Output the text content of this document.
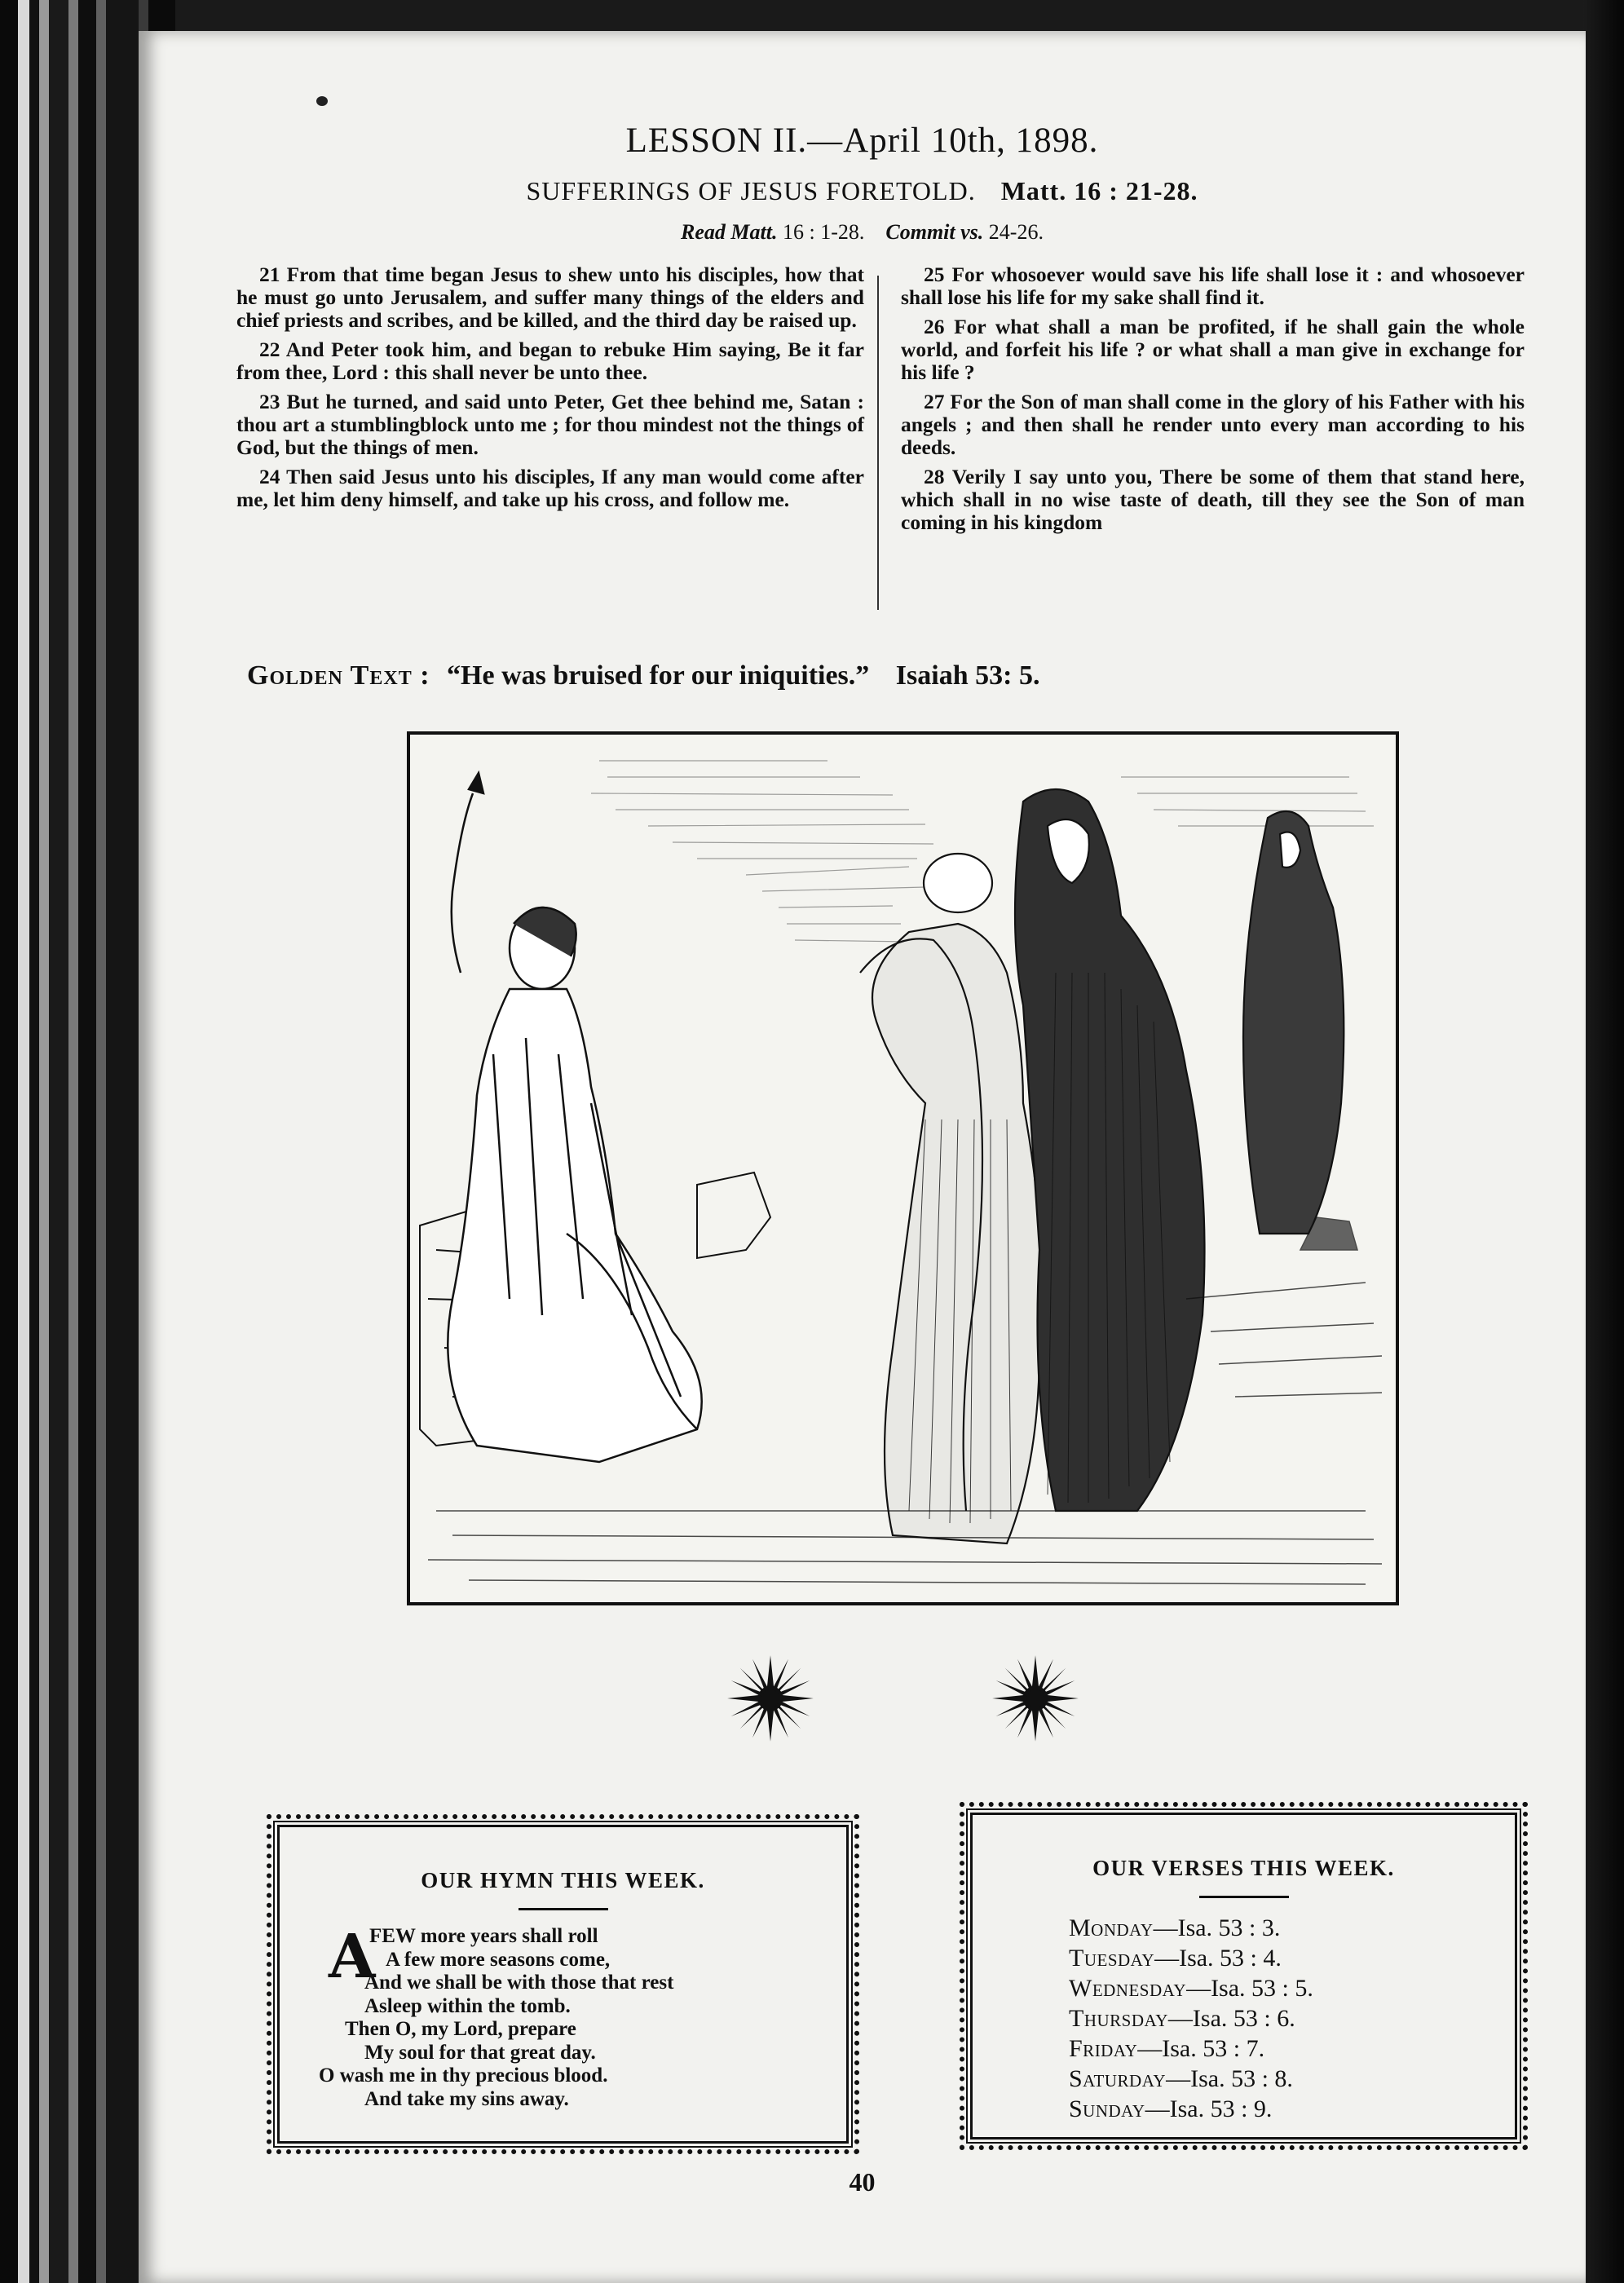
LESSON II.—April 10th, 1898.
SUFFERINGS OF JESUS FORETOLD. Matt. 16 : 21-28.
Read Matt. 16 : 1-28. Commit vs. 24-26.

21 From that time began Jesus to shew unto his disciples, how that he must go unto Jerusalem, and suffer many things of the elders and chief priests and scribes, and be killed, and the third day be raised up.

22 And Peter took him, and began to rebuke Him saying, Be it far from thee, Lord : this shall never be unto thee.

23 But he turned, and said unto Peter, Get thee behind me, Satan : thou art a stumblingblock unto me ; for thou mindest not the things of God, but the things of men.

24 Then said Jesus unto his disciples, If any man would come after me, let him deny himself, and take up his cross, and follow me.

25 For whosoever would save his life shall lose it : and whosoever shall lose his life for my sake shall find it.

26 For what shall a man be profited, if he shall gain the whole world, and forfeit his life ? or what shall a man give in exchange for his life ?

27 For the Son of man shall come in the glory of his Father with his angels ; and then shall he render unto every man according to his deeds.

28 Verily I say unto you, There be some of them that stand here, which shall in no wise taste of death, till they see the Son of man coming in his kingdom

Golden Text : “He was bruised for our iniquities.” Isaiah 53: 5.
OUR HYMN THIS WEEK.
A
FEW more years shall roll
A few more seasons come,
And we shall be with those that rest
Asleep within the tomb.
Then O, my Lord, prepare
My soul for that great day.
O wash me in thy precious blood.
And take my sins away.
OUR VERSES THIS WEEK.
Monday—Isa. 53 : 3.
Tuesday—Isa. 53 : 4.
Wednesday—Isa. 53 : 5.
Thursday—Isa. 53 : 6.
Friday—Isa. 53 : 7.
Saturday—Isa. 53 : 8.
Sunday—Isa. 53 : 9.
40
